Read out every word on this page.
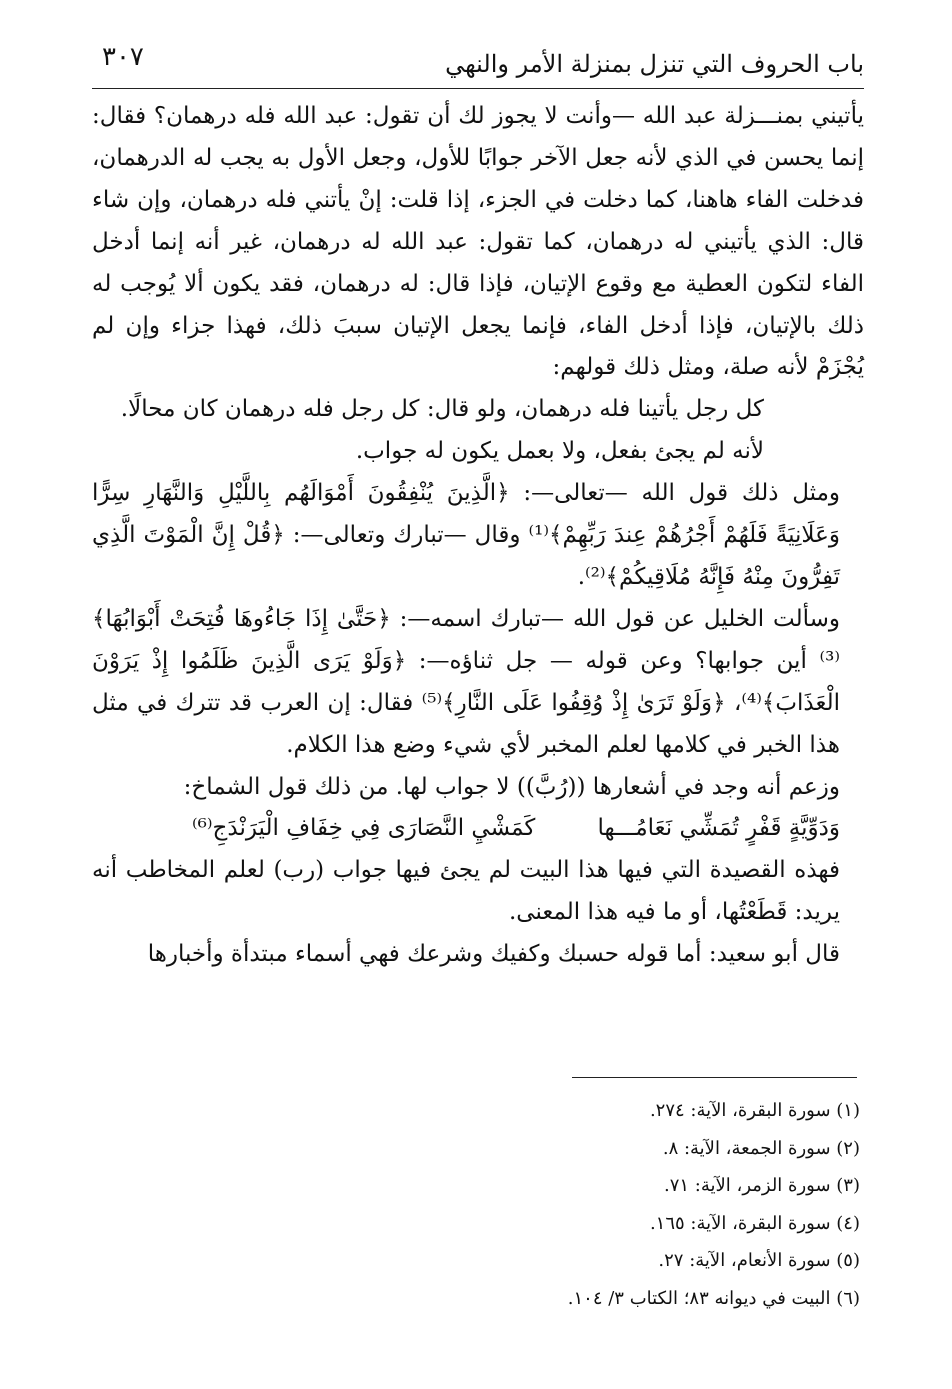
٣٠٧	باب الحروف التي تنزل بمنزلة الأمر والنهي

يأتيني بمنـــزلة عبد الله —وأنت لا يجوز لك أن تقول: عبد الله فله درهمان؟ فقال: إنما يحسن في الذي لأنه جعل الآخر جوابًا للأول، وجعل الأول به يجب له الدرهمان، فدخلت الفاء هاهنا، كما دخلت في الجزء، إذا قلت: إنْ يأتني فله درهمان، وإن شاء قال: الذي يأتيني له درهمان، كما تقول: عبد الله له درهمان، غير أنه إنما أدخل الفاء لتكون العطية مع وقوع الإتيان، فإذا قال: له درهمان، فقد يكون ألا يُوجب له ذلك بالإتيان، فإذا أدخل الفاء، فإنما يجعل الإتيان سببَ ذلك، فهذا جزاء وإن لم يُجْزَمْ لأنه صلة، ومثل ذلك قولهم:

كل رجل يأتينا فله درهمان، ولو قال: كل رجل فله درهمان كان محالًا.

لأنه لم يجئ بفعل، ولا بعمل يكون له جواب.

ومثل ذلك قول الله —تعالى—: ﴿الَّذِينَ يُنْفِقُونَ أَمْوَالَهُم بِاللَّيْلِ وَالنَّهَارِ سِرًّا وَعَلَانِيَةً فَلَهُمْ أَجْرُهُمْ عِندَ رَبِّهِمْ﴾⁽¹⁾ وقال —تبارك وتعالى—: ﴿قُلْ إِنَّ الْمَوْتَ الَّذِي تَفِرُّونَ مِنْهُ فَإِنَّهُ مُلَاقِيكُمْ﴾⁽²⁾.

وسألت الخليل عن قول الله —تبارك اسمه—: ﴿حَتَّىٰ إِذَا جَاءُوهَا فُتِحَتْ أَبْوَابُهَا﴾⁽³⁾ أين جوابها؟ وعن قوله — جل ثناؤه—: ﴿وَلَوْ يَرَى الَّذِينَ ظَلَمُوا إِذْ يَرَوْنَ الْعَذَابَ﴾⁽⁴⁾، ﴿وَلَوْ تَرَىٰ إِذْ وُقِفُوا عَلَى النَّارِ﴾⁽⁵⁾ فقال: إن العرب قد تترك في مثل هذا الخبر في كلامها لعلم المخبر لأي شيء وضع هذا الكلام.

وزعم أنه وجد في أشعارها ((رُبَّ)) لا جواب لها. من ذلك قول الشماخ:

وَدَوِّيَّةٍ قَفْرٍ تُمَشِّي نَعَامُـــها
كَمَشْيِ النَّصَارَى فِي خِفَافِ الْيَرَنْدَجِ⁽⁶⁾

فهذه القصيدة التي فيها هذا البيت لم يجئ فيها جواب (رب) لعلم المخاطب أنه يريد: قَطَعْتُها، أو ما فيه هذا المعنى.

قال أبو سعيد: أما قوله حسبك وكفيك وشرعك فهي أسماء مبتدأة وأخبارها

(١) سورة البقرة، الآية: ٢٧٤.
(٢) سورة الجمعة، الآية: ٨.
(٣) سورة الزمر، الآية: ٧١.
(٤) سورة البقرة، الآية: ١٦٥.
(٥) سورة الأنعام، الآية: ٢٧.
(٦) البيت في ديوانه ٨٣؛ الكتاب ٣/ ١٠٤.
